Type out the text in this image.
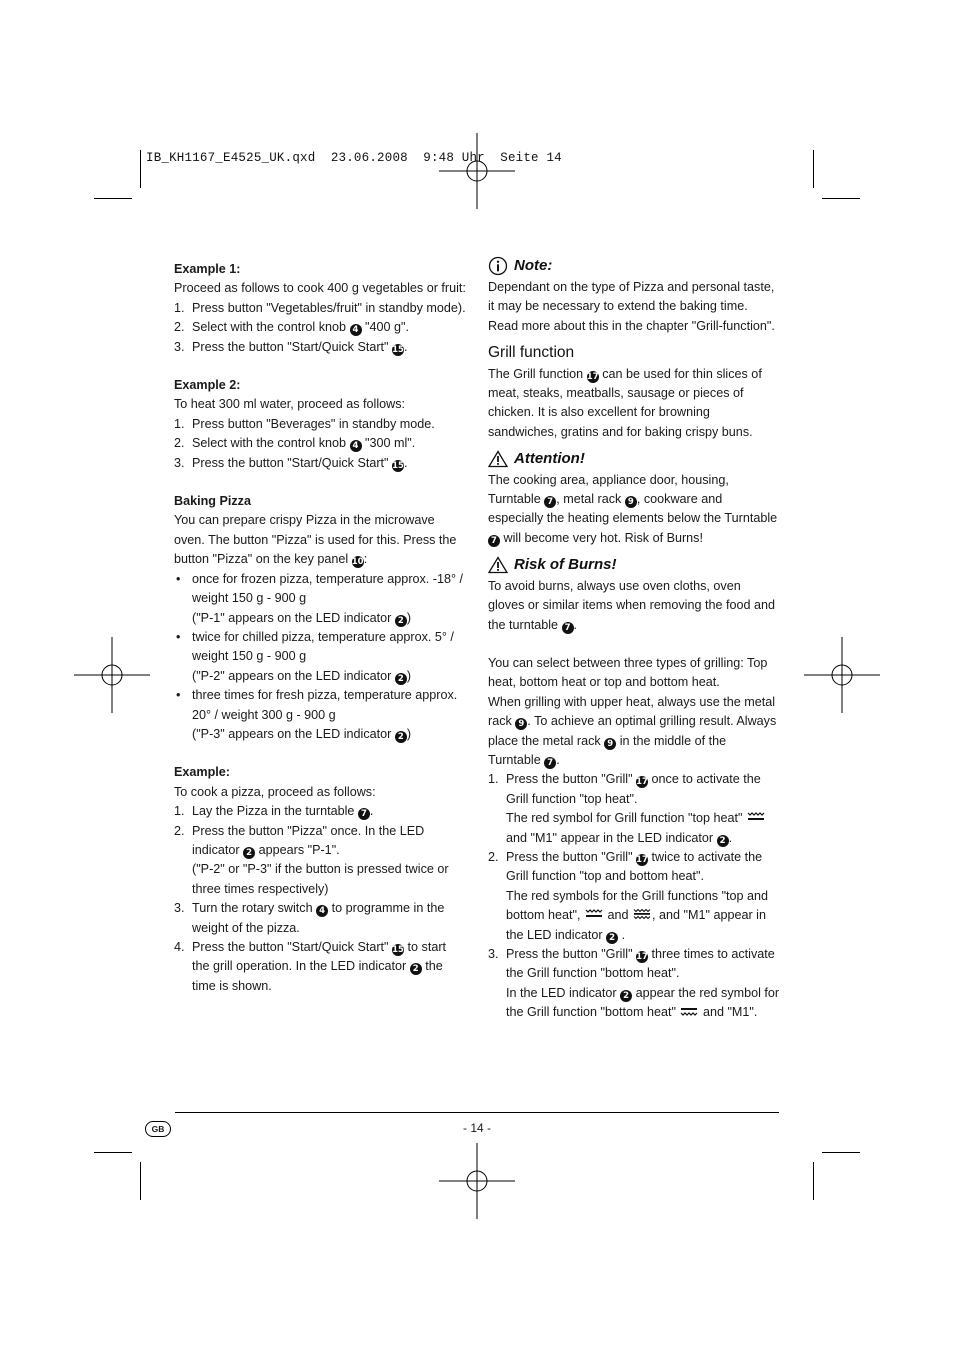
IB_KH1167_E4525_UK.qxd  23.06.2008  9:48 Uhr  Seite 14

Example 1:

Proceed as follows to cook 400 g vegetables or fruit:

1. Press button "Vegetables/fruit" in standby mode).
2. Select with the control knob 4 "400 g".
3. Press the button "Start/Quick Start" 15.

Example 2:

To heat 300 ml water, proceed as follows:

1. Press button "Beverages" in standby mode.
2. Select with the control knob 4 "300 ml".
3. Press the button "Start/Quick Start" 15.

Baking Pizza

You can prepare crispy Pizza in the microwave oven. The button "Pizza" is used for this. Press the button "Pizza" on the key panel 10:

• once for frozen pizza, temperature approx. -18° / weight 150 g - 900 g
("P-1" appears on the LED indicator 2 )
• twice for chilled pizza, temperature approx. 5° / weight 150 g - 900 g
("P-2" appears on the LED indicator 2 )
• three times for fresh pizza, temperature approx. 20° / weight 300 g - 900 g
("P-3" appears on the LED indicator 2 )

Example:

To cook a pizza, proceed as follows:

1. Lay the Pizza in the turntable 7 .
2. Press the button "Pizza" once. In the LED indicator 2 appears "P-1".
("P-2" or "P-3" if the button is pressed twice or three times respectively)
3. Turn the rotary switch 4 to programme in the weight of the pizza.
4. Press the button "Start/Quick Start" 15 to start the grill operation. In the LED indicator 2 the time is shown.
Note:

Dependant on the type of Pizza and personal taste, it may be necessary to extend the baking time. Read more about this in the chapter "Grill-function".

Grill function

The Grill function 17 can be used for thin slices of meat, steaks, meatballs, sausage or pieces of chicken. It is also excellent for browning sandwiches, gratins and for baking crispy buns.

Attention!

The cooking area, appliance door, housing, Turntable 7 , metal rack 9 , cookware and especially the heating elements below the Turntable 7 will become very hot. Risk of Burns!

Risk of Burns!

To avoid burns, always use oven cloths, oven gloves or similar items when removing the food and the turntable 7 .

You can select between three types of grilling: Top heat, bottom heat or top and bottom heat.

When grilling with upper heat, always use the metal rack 9 . To achieve an optimal grilling result. Always place the metal rack 9 in the middle of the Turntable 7 .

1. Press the button "Grill" 17 once to activate the Grill function "top heat".
The red symbol for Grill function "top heat"
and "M1" appear in the LED indicator 2 .
2. Press the button "Grill" 17 twice to activate the Grill function "top and bottom heat".
The red symbols for the Grill functions "top and bottom heat", and , and "M1" appear in the LED indicator 2 .
3. Press the button "Grill" 17 three times to activate the Grill function "bottom heat".
In the LED indicator 2 appear the red symbol for the Grill function "bottom heat" and "M1".
GB	- 14 -
